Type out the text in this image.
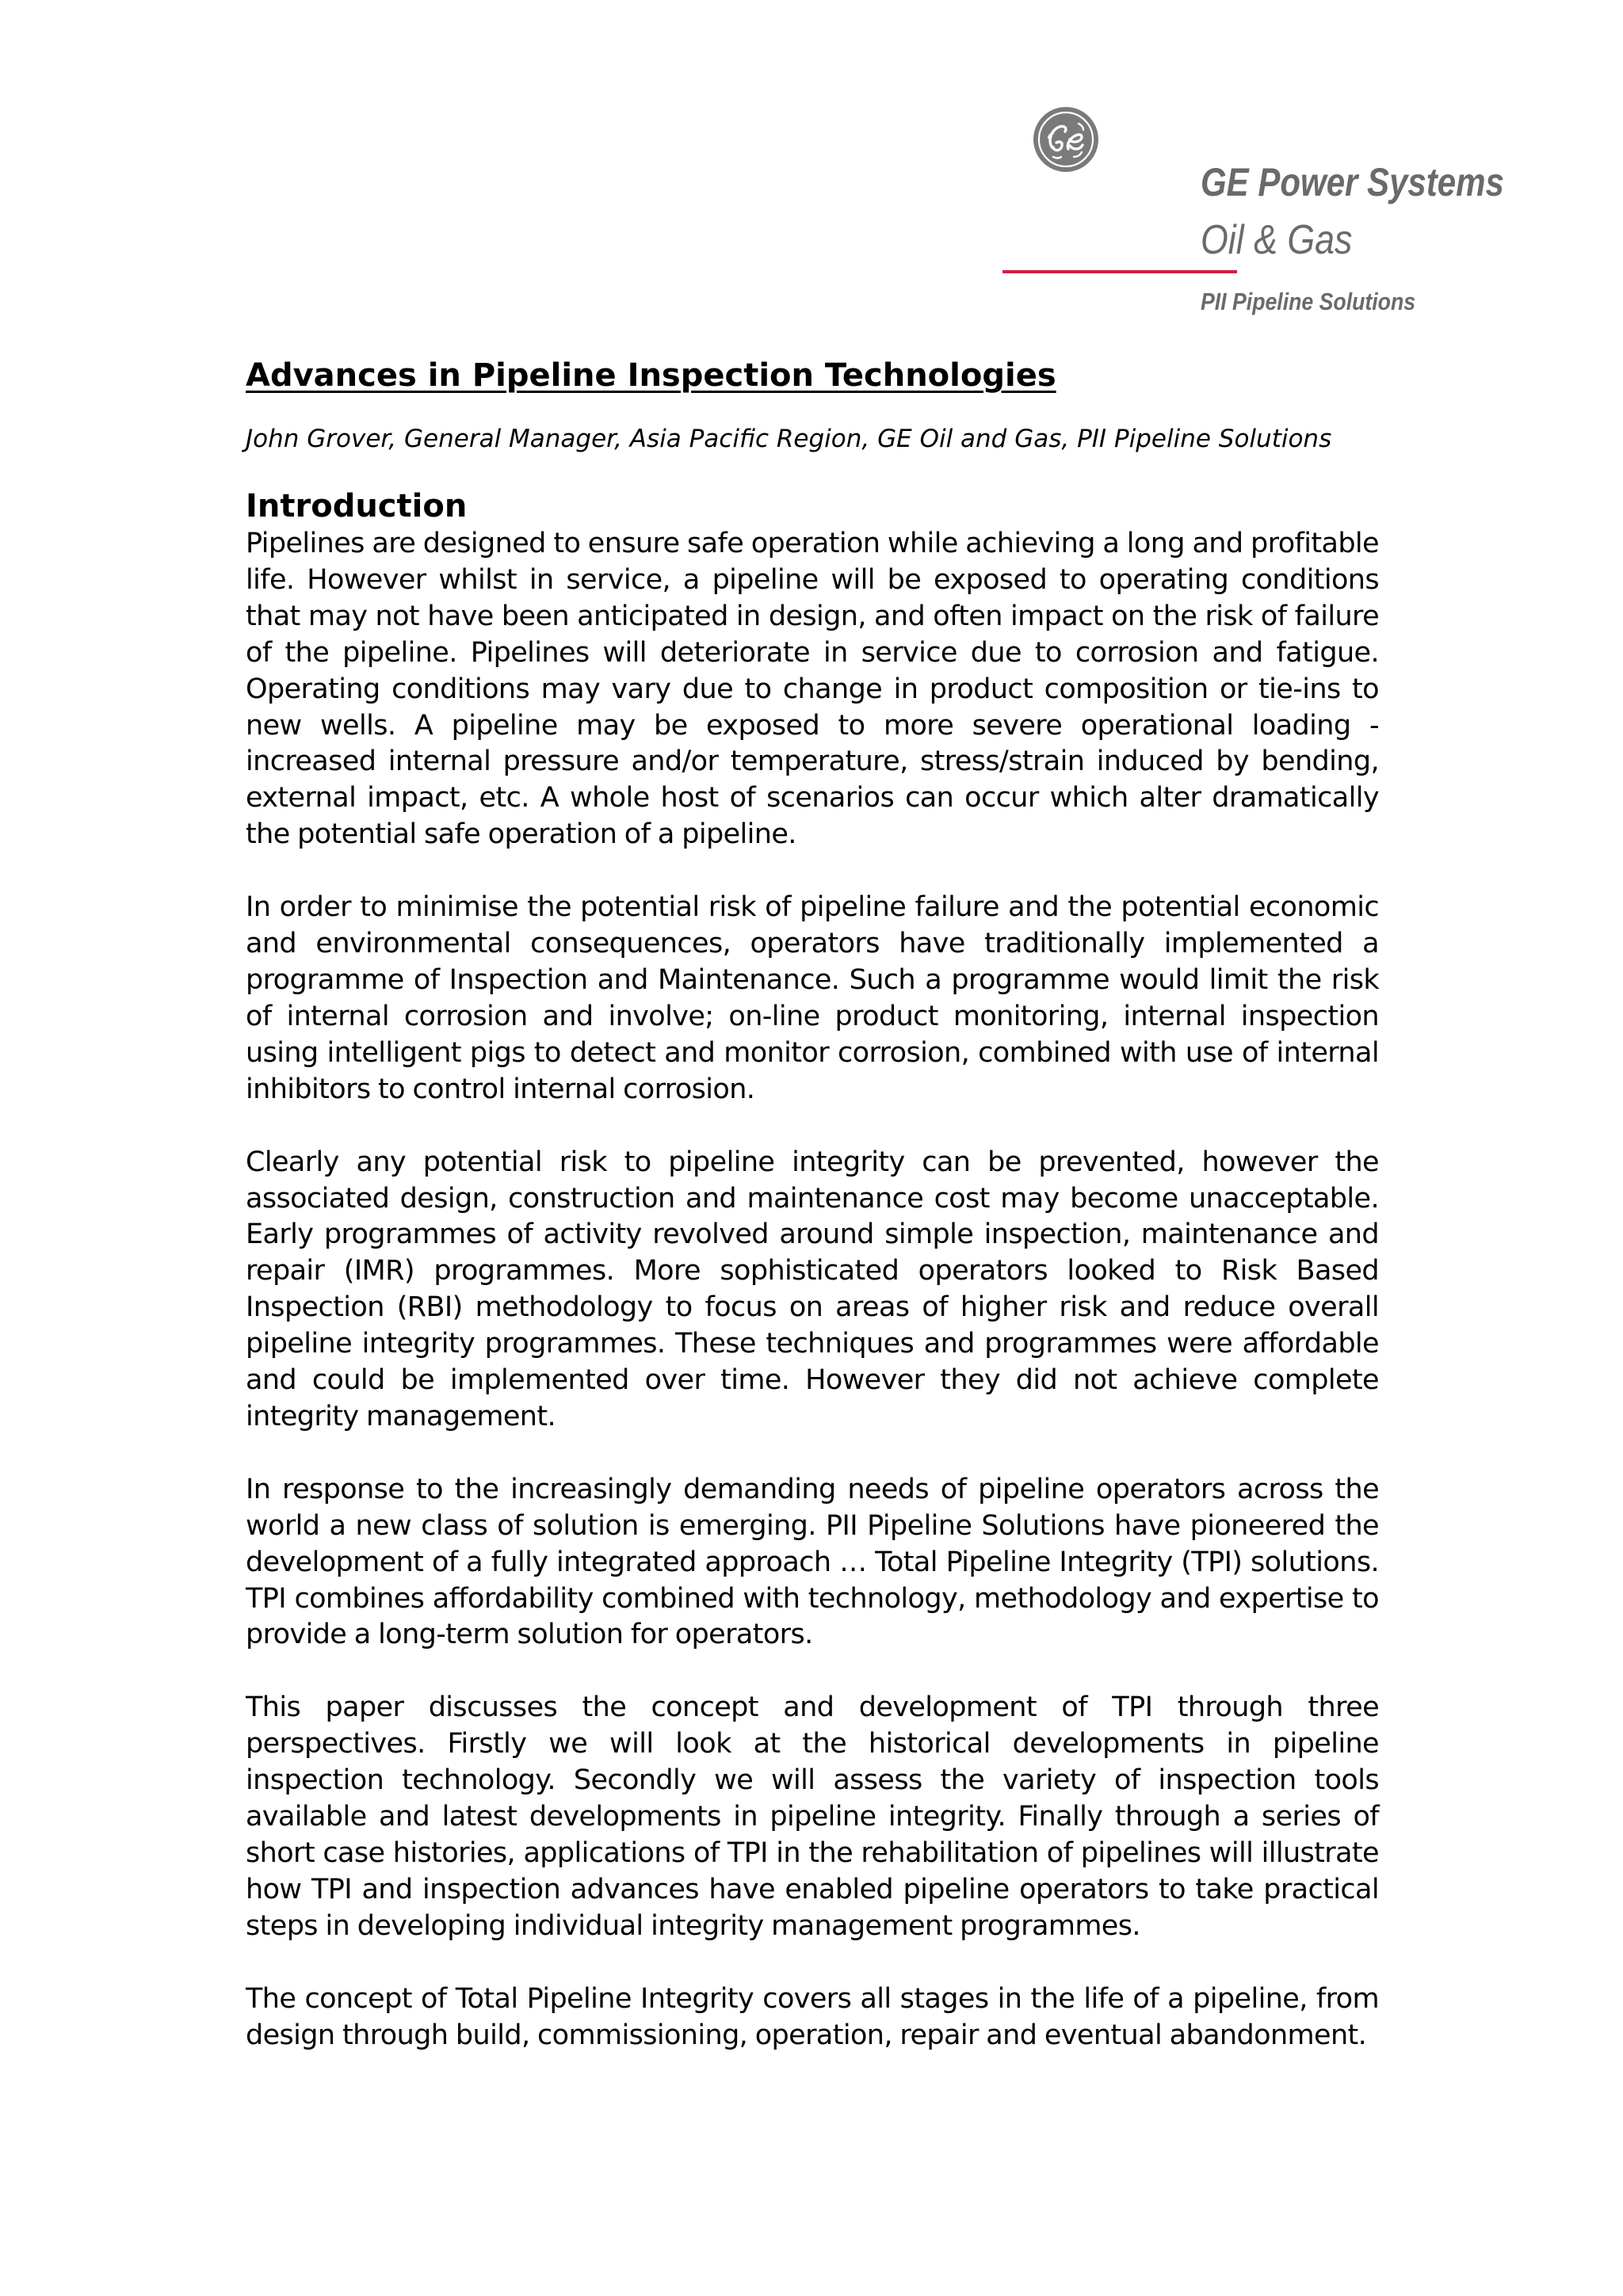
GE Power Systems

Oil & Gas

PII Pipeline Solutions

Advances in Pipeline Inspection Technologies

John Grover, General Manager, Asia Pacific Region, GE Oil and Gas, PII Pipeline Solutions

Introduction

Pipelines are designed to ensure safe operation while achieving a long and profitable life. However whilst in service, a pipeline will be exposed to operating conditions that may not have been anticipated in design, and often impact on the risk of failure of the pipeline. Pipelines will deteriorate in service due to corrosion and fatigue. Operating conditions may vary due to change in product composition or tie-ins to new wells. A pipeline may be exposed to more severe operational loading - increased internal pressure and/or temperature, stress/strain induced by bending, external impact, etc. A whole host of scenarios can occur which alter dramatically the potential safe operation of a pipeline.

In order to minimise the potential risk of pipeline failure and the potential economic and environmental consequences, operators have traditionally implemented a programme of Inspection and Maintenance. Such a programme would limit the risk of internal corrosion and involve; on-line product monitoring, internal inspection using intelligent pigs to detect and monitor corrosion, combined with use of internal inhibitors to control internal corrosion.

Clearly any potential risk to pipeline integrity can be prevented, however the associated design, construction and maintenance cost may become unacceptable. Early programmes of activity revolved around simple inspection, maintenance and repair (IMR) programmes. More sophisticated operators looked to Risk Based Inspection (RBI) methodology to focus on areas of higher risk and reduce overall pipeline integrity programmes. These techniques and programmes were affordable and could be implemented over time. However they did not achieve complete integrity management.

In response to the increasingly demanding needs of pipeline operators across the world a new class of solution is emerging. PII Pipeline Solutions have pioneered the development of a fully integrated approach … Total Pipeline Integrity (TPI) solutions. TPI combines affordability combined with technology, methodology and expertise to provide a long-term solution for operators.

This paper discusses the concept and development of TPI through three perspectives. Firstly we will look at the historical developments in pipeline inspection technology. Secondly we will assess the variety of inspection tools available and latest developments in pipeline integrity. Finally through a series of short case histories, applications of TPI in the rehabilitation of pipelines will illustrate how TPI and inspection advances have enabled pipeline operators to take practical steps in developing individual integrity management programmes.

The concept of Total Pipeline Integrity covers all stages in the life of a pipeline, from design through build, commissioning, operation, repair and eventual abandonment.
